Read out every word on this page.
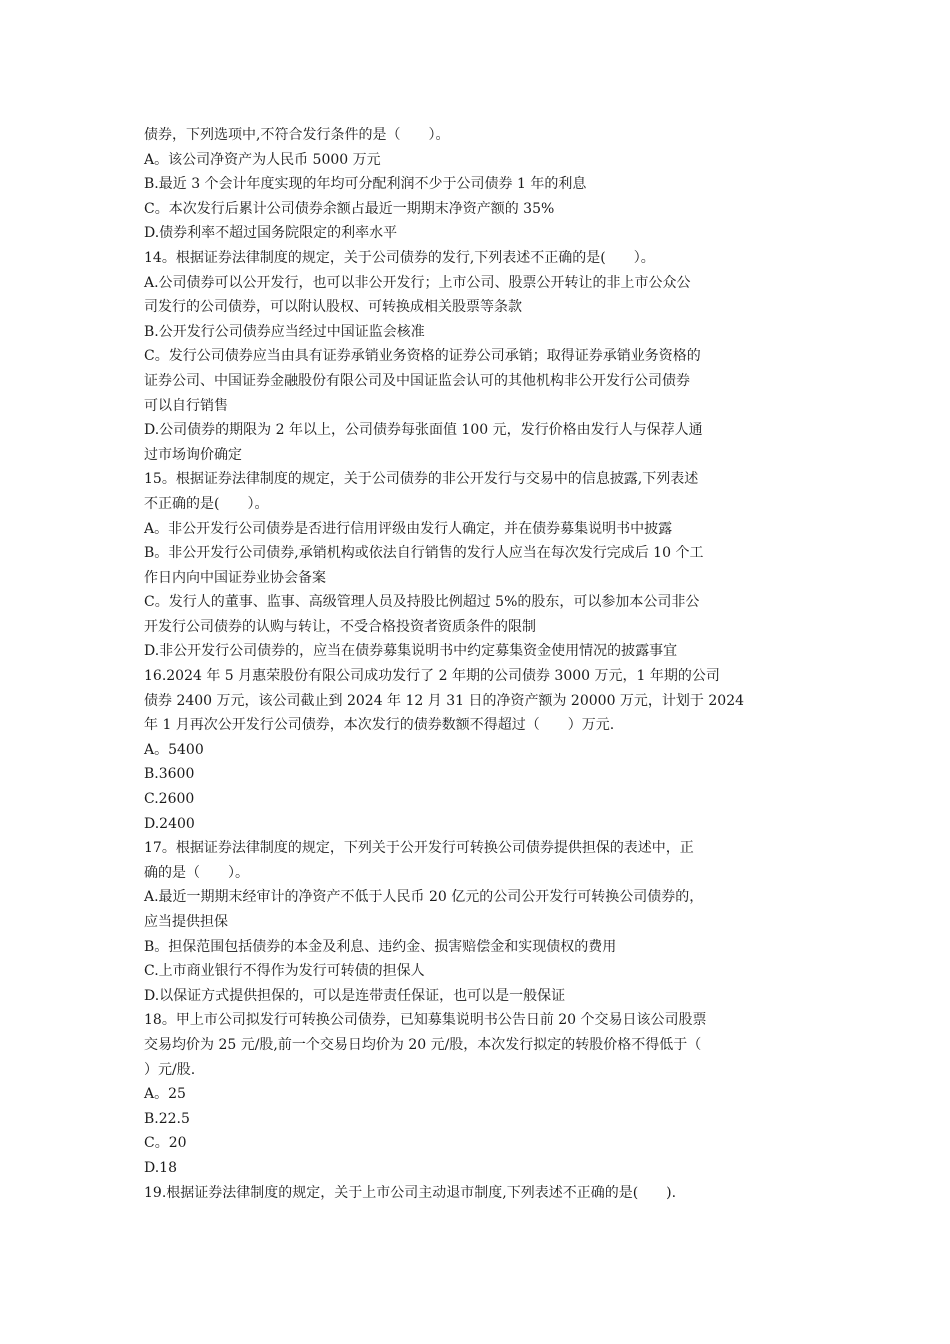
债券，下列选项中,不符合发行条件的是（　　）。
A。该公司净资产为人民币 5000 万元
B.最近 3 个会计年度实现的年均可分配利润不少于公司债券 1 年的利息
C。本次发行后累计公司债券余额占最近一期期末净资产额的 35%
D.债券利率不超过国务院限定的利率水平
14。根据证券法律制度的规定，关于公司债券的发行,下列表述不正确的是(　　）。
A.公司债券可以公开发行，也可以非公开发行；上市公司、股票公开转让的非上市公众公
司发行的公司债券，可以附认股权、可转换成相关股票等条款
B.公开发行公司债券应当经过中国证监会核准
C。发行公司债券应当由具有证券承销业务资格的证券公司承销；取得证券承销业务资格的
证券公司、中国证券金融股份有限公司及中国证监会认可的其他机构非公开发行公司债券
可以自行销售
D.公司债券的期限为 2 年以上，公司债券每张面值 100 元，发行价格由发行人与保荐人通
过市场询价确定
15。根据证券法律制度的规定，关于公司债券的非公开发行与交易中的信息披露,下列表述
不正确的是(　　）。
A。非公开发行公司债券是否进行信用评级由发行人确定，并在债券募集说明书中披露
B。非公开发行公司债券,承销机构或依法自行销售的发行人应当在每次发行完成后 10 个工
作日内向中国证券业协会备案
C。发行人的董事、监事、高级管理人员及持股比例超过 5%的股东，可以参加本公司非公
开发行公司债券的认购与转让，不受合格投资者资质条件的限制
D.非公开发行公司债券的，应当在债券募集说明书中约定募集资金使用情况的披露事宜
16.2024 年 5 月惠荣股份有限公司成功发行了 2 年期的公司债券 3000 万元，1 年期的公司
债券 2400 万元，该公司截止到 2024 年 12 月 31 日的净资产额为 20000 万元，计划于 2024
年 1 月再次公开发行公司债券，本次发行的债券数额不得超过（　　）万元.
A。5400
B.3600
C.2600
D.2400
17。根据证券法律制度的规定，下列关于公开发行可转换公司债券提供担保的表述中，正
确的是（　　）。
A.最近一期期末经审计的净资产不低于人民币 20 亿元的公司公开发行可转换公司债券的，
应当提供担保
B。担保范围包括债券的本金及利息、违约金、损害赔偿金和实现债权的费用
C.上市商业银行不得作为发行可转债的担保人
D.以保证方式提供担保的，可以是连带责任保证，也可以是一般保证
18。甲上市公司拟发行可转换公司债券，已知募集说明书公告日前 20 个交易日该公司股票
交易均价为 25 元/股,前一个交易日均价为 20 元/股，本次发行拟定的转股价格不得低于（
）元/股.
A。25
B.22.5
C。20
D.18
19.根据证券法律制度的规定，关于上市公司主动退市制度,下列表述不正确的是(　　).
